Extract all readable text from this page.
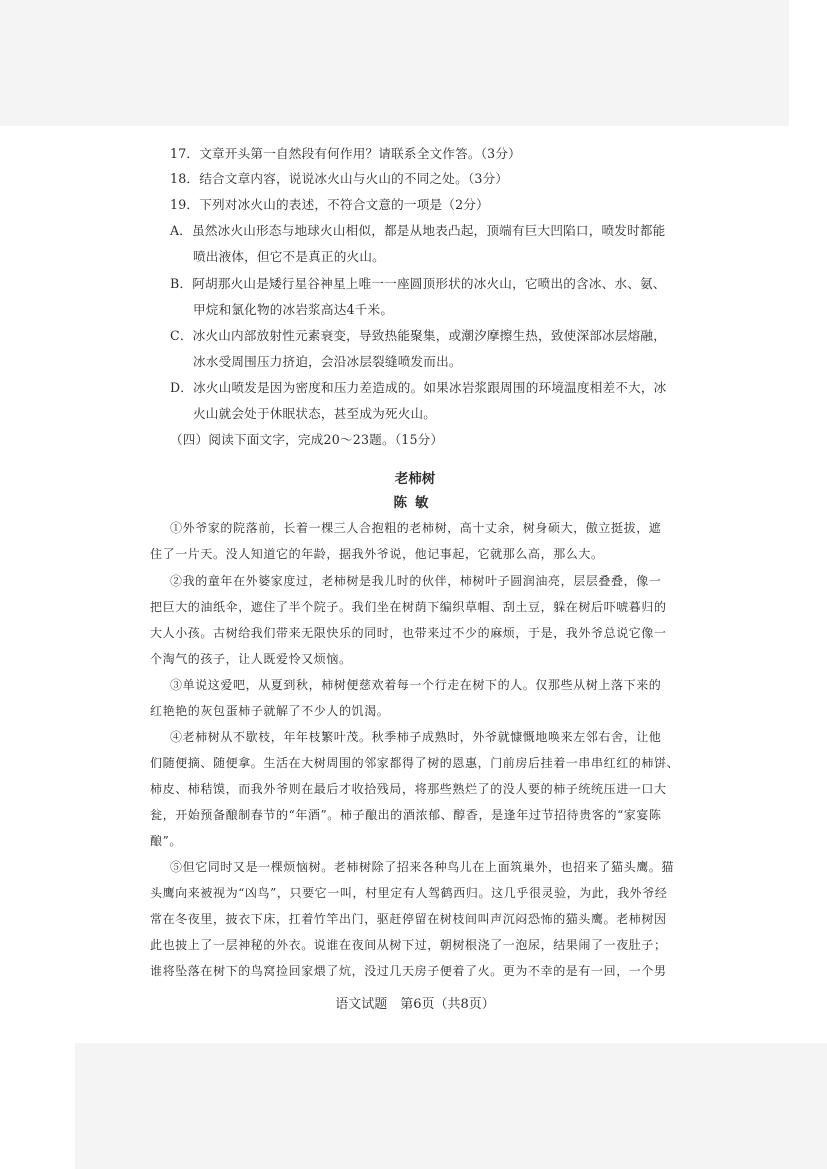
17．文章开头第一自然段有何作用？请联系全文作答。（3分）
18．结合文章内容，说说冰火山与火山的不同之处。（3分）
19．下列对冰火山的表述，不符合文意的一项是（2分）
A．虽然冰火山形态与地球火山相似，都是从地表凸起，顶端有巨大凹陷口，喷发时都能
喷出液体，但它不是真正的火山。
B．阿胡那火山是矮行星谷神星上唯一一座圆顶形状的冰火山，它喷出的含冰、水、氨、
甲烷和氯化物的冰岩浆高达4千米。
C．冰火山内部放射性元素衰变，导致热能聚集，或潮汐摩擦生热，致使深部冰层熔融，
冰水受周围压力挤迫，会沿冰层裂缝喷发而出。
D．冰火山喷发是因为密度和压力差造成的。如果冰岩浆跟周围的环境温度相差不大，冰
火山就会处于休眠状态，甚至成为死火山。
（四）阅读下面文字，完成20～23题。（15分）
老柿树
陈敏
①外爷家的院落前，长着一棵三人合抱粗的老柿树，高十丈余，树身硕大，傲立挺拔，遮
住了一片天。没人知道它的年龄，据我外爷说，他记事起，它就那么高，那么大。
②我的童年在外婆家度过，老柿树是我儿时的伙伴，柿树叶子圆润油亮，层层叠叠，像一
把巨大的油纸伞，遮住了半个院子。我们坐在树荫下编织草帽、刮土豆，躲在树后吓唬暮归的
大人小孩。古树给我们带来无限快乐的同时，也带来过不少的麻烦，于是，我外爷总说它像一
个淘气的孩子，让人既爱怜又烦恼。
③单说这爱吧，从夏到秋，柿树便慈欢着每一个行走在树下的人。仅那些从树上落下来的
红艳艳的灰包蛋柿子就解了不少人的饥渴。
④老柿树从不歇枝，年年枝繁叶茂。秋季柿子成熟时，外爷就慷慨地唤来左邻右舍，让他
们随便摘、随便拿。生活在大树周围的邻家都得了树的恩惠，门前房后挂着一串串红红的柿饼、
柿皮、柿秸馍，而我外爷则在最后才收拾残局，将那些熟烂了的没人要的柿子统统压进一口大
瓮，开始预备酿制春节的“年酒”。柿子酿出的酒浓郁、醇香，是逢年过节招待贵客的“家宴陈
酿”。
⑤但它同时又是一棵烦恼树。老柿树除了招来各种鸟儿在上面筑巢外，也招来了猫头鹰。猫
头鹰向来被视为“凶鸟”，只要它一叫，村里定有人驾鹤西归。这几乎很灵验，为此，我外爷经
常在冬夜里，披衣下床，扛着竹竿出门，驱赶停留在树枝间叫声沉闷恐怖的猫头鹰。老柿树因
此也披上了一层神秘的外衣。说谁在夜间从树下过，朝树根浇了一泡尿，结果闹了一夜肚子；
谁将坠落在树下的鸟窝捡回家煨了炕，没过几天房子便着了火。更为不幸的是有一回，一个男
语文试题　第6页（共8页）
